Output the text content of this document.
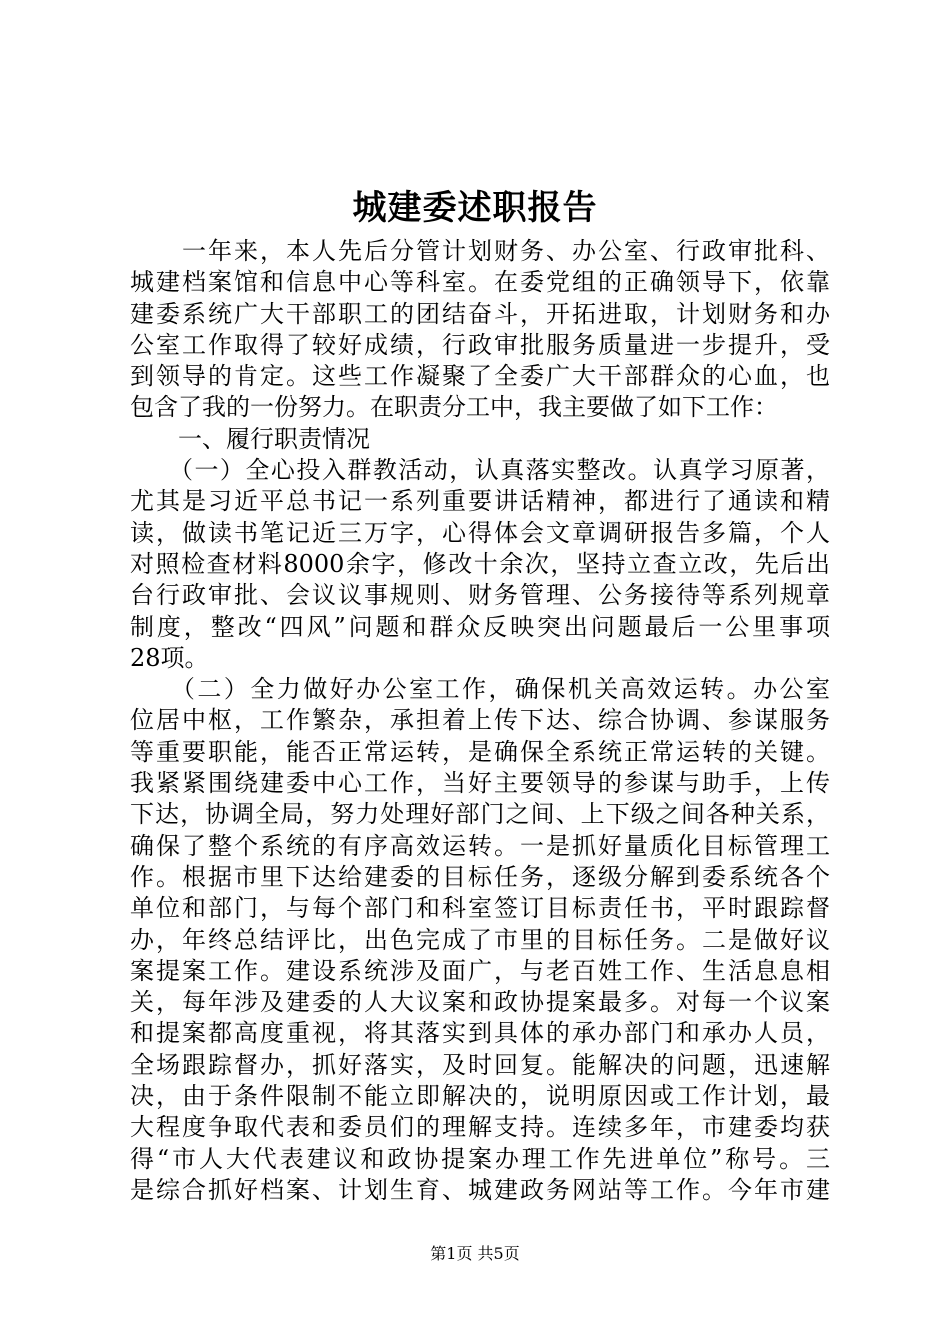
城建委述职报告
　　一年来，本人先后分管计划财务、办公室、行政审批科、
城建档案馆和信息中心等科室。在委党组的正确领导下，依靠
建委系统广大干部职工的团结奋斗，开拓进取，计划财务和办
公室工作取得了较好成绩，行政审批服务质量进一步提升，受
到领导的肯定。这些工作凝聚了全委广大干部群众的心血，也
包含了我的一份努力。在职责分工中，我主要做了如下工作：
　　一、履行职责情况
　　（一）全心投入群教活动，认真落实整改。认真学习原著，
尤其是习近平总书记一系列重要讲话精神，都进行了通读和精
读，做读书笔记近三万字，心得体会文章调研报告多篇，个人
对照检查材料8000余字，修改十余次，坚持立查立改，先后出
台行政审批、会议议事规则、财务管理、公务接待等系列规章
制度，整改“四风”问题和群众反映突出问题最后一公里事项
28项。
　　（二）全力做好办公室工作，确保机关高效运转。办公室
位居中枢，工作繁杂，承担着上传下达、综合协调、参谋服务
等重要职能，能否正常运转，是确保全系统正常运转的关键。
我紧紧围绕建委中心工作，当好主要领导的参谋与助手，上传
下达，协调全局，努力处理好部门之间、上下级之间各种关系，
确保了整个系统的有序高效运转。一是抓好量质化目标管理工
作。根据市里下达给建委的目标任务，逐级分解到委系统各个
单位和部门，与每个部门和科室签订目标责任书，平时跟踪督
办，年终总结评比，出色完成了市里的目标任务。二是做好议
案提案工作。建设系统涉及面广，与老百姓工作、生活息息相
关，每年涉及建委的人大议案和政协提案最多。对每一个议案
和提案都高度重视，将其落实到具体的承办部门和承办人员，
全场跟踪督办，抓好落实，及时回复。能解决的问题，迅速解
决，由于条件限制不能立即解决的，说明原因或工作计划，最
大程度争取代表和委员们的理解支持。连续多年，市建委均获
得“市人大代表建议和政协提案办理工作先进单位”称号。三
是综合抓好档案、计划生育、城建政务网站等工作。今年市建
第1页 共5页
